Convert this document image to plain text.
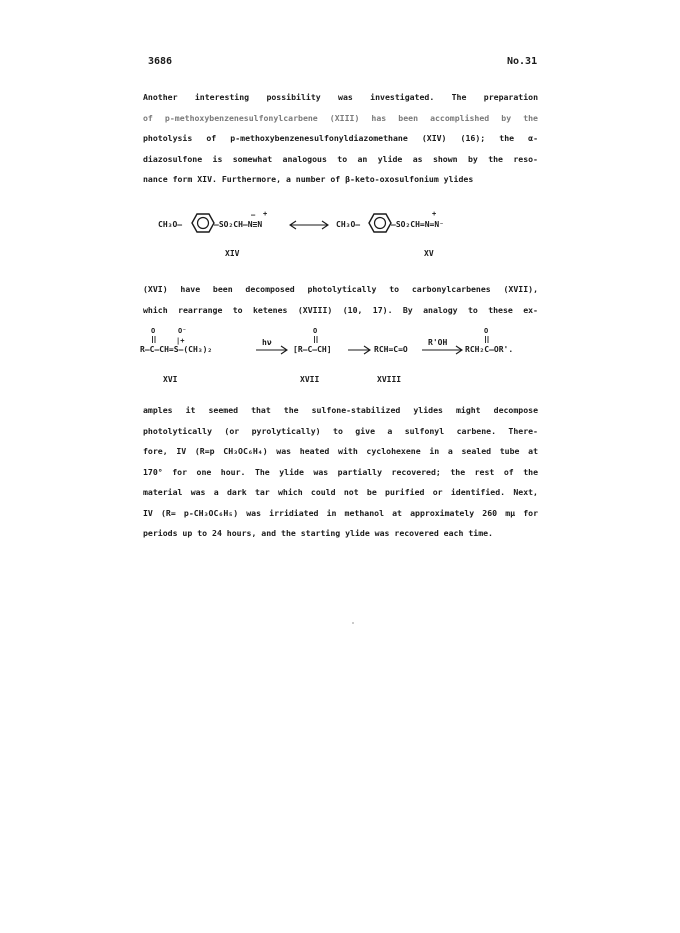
3686	No.31
Another interesting possibility was investigated. The preparation
of p-methoxybenzenesulfonylcarbene (XIII) has been accomplished by the
photolysis of p-methoxybenzenesulfonyldiazomethane (XIV) (16); the α-
diazosulfone is somewhat analogous to an ylide as shown by the reso-
nance form XIV. Furthermore, a number of β-keto-oxosulfonium ylides
CH₃O–	–SO₂CH–N≡N
– +
XIV
CH₃O–	–SO₂CH=N=N⁻
+
XV
(XVI) have been decomposed photolytically to carbonylcarbenes (XVII),
which rearrange to ketenes (XVIII) (10, 17). By analogy to these ex-
O	O⁻
|+
R–C–CH=S–(CH₃)₂
XVI
hν
O
[R–C–CH]
XVII
RCH=C=O
XVIII
R'OH
O
RCH₂C–OR'.
amples it seemed that the sulfone-stabilized ylides might decompose
photolytically (or pyrolytically) to give a sulfonyl carbene. There-
fore, IV (R=p CH₃OC₆H₄) was heated with cyclohexene in a sealed tube at
170° for one hour. The ylide was partially recovered; the rest of the
material was a dark tar which could not be purified or identified. Next,
IV (R= p-CH₃OC₆H₅) was irridiated in methanol at approximately 260 mμ for
periods up to 24 hours, and the starting ylide was recovered each time.
